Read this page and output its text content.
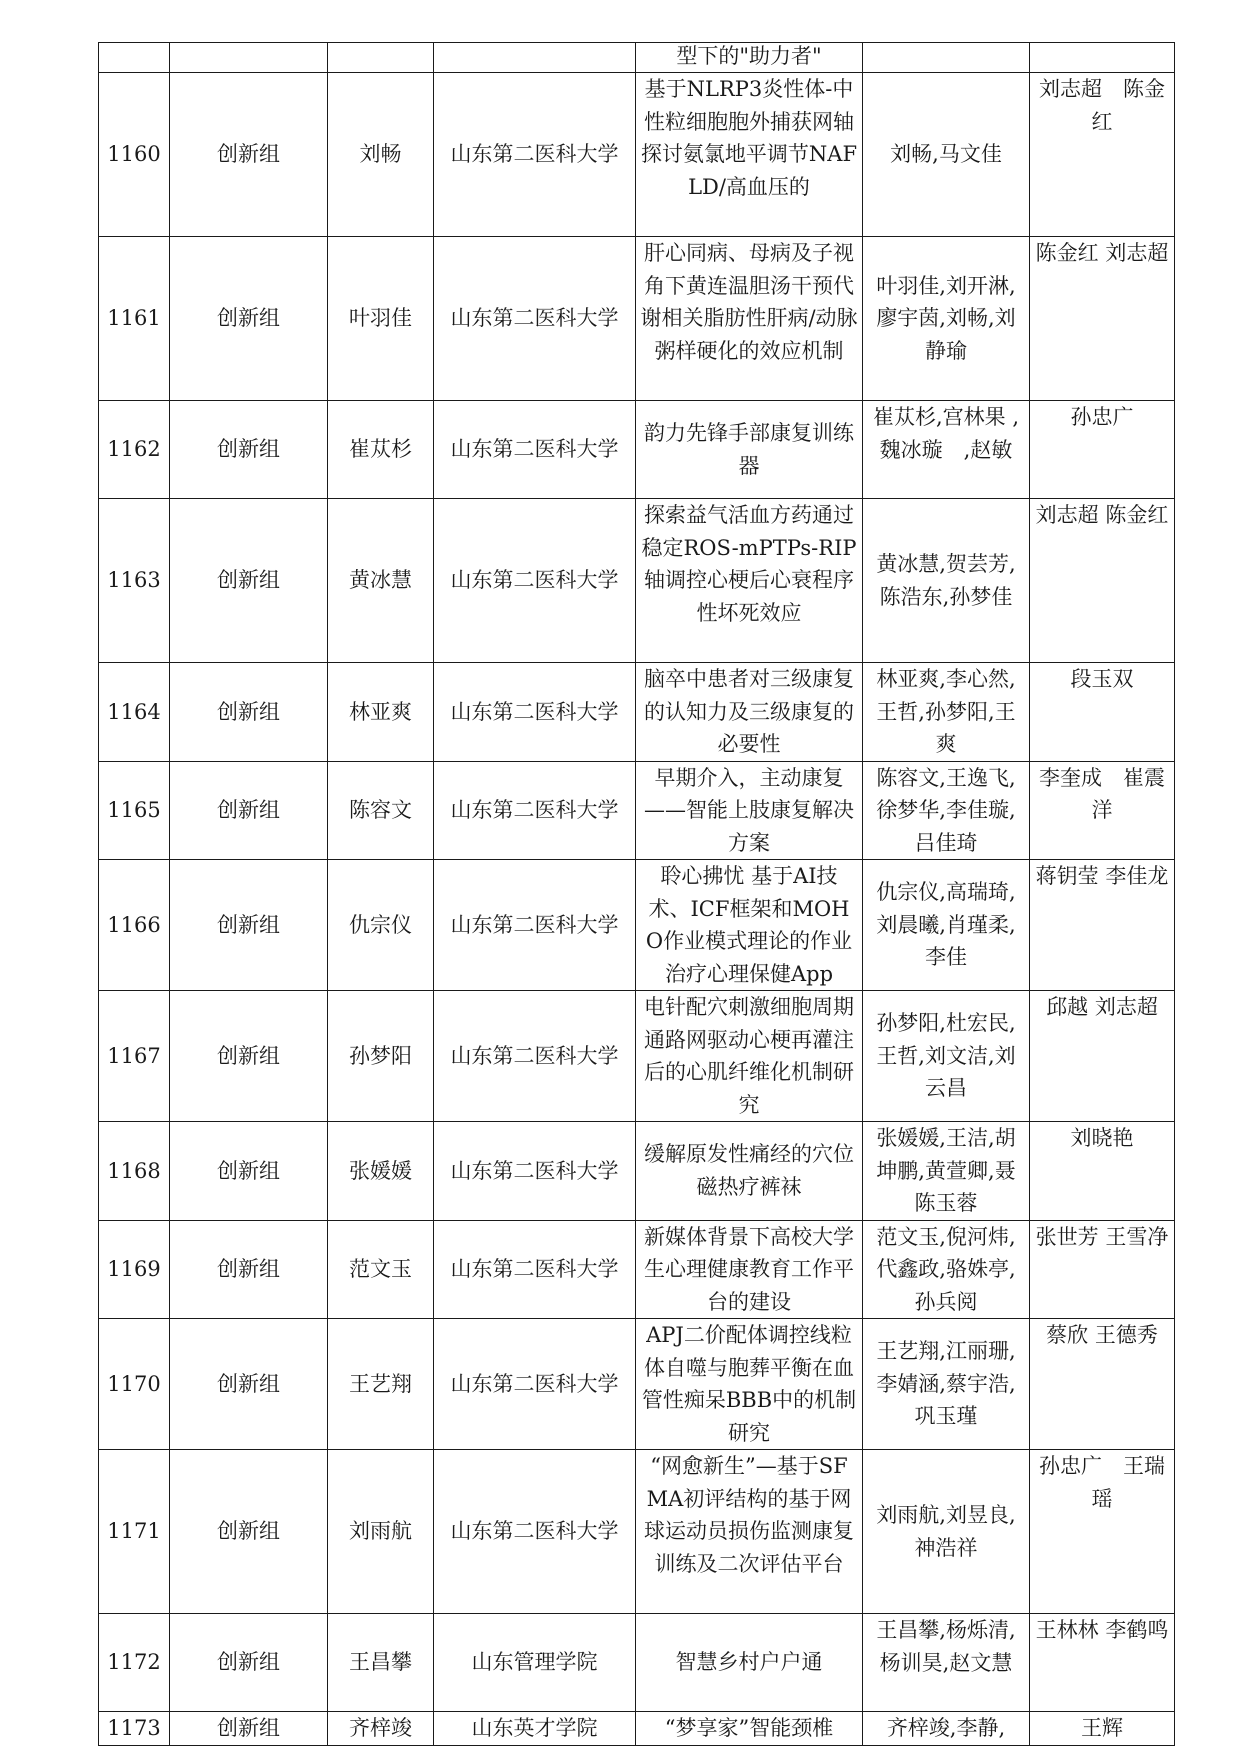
				型下的"助力者"		
1160	创新组	刘畅	山东第二医科大学	基于NLRP3炎性体-中性粒细胞胞外捕获网轴探讨氨氯地平调节NAFLD/高血压的	刘畅,马文佳	刘志超　陈金红
1161	创新组	叶羽佳	山东第二医科大学	肝心同病、母病及子视角下黄连温胆汤干预代谢相关脂肪性肝病/动脉粥样硬化的效应机制	叶羽佳,刘开淋,廖宇茵,刘畅,刘静瑜	陈金红 刘志超
1162	创新组	崔苁杉	山东第二医科大学	韵力先锋手部康复训练器	崔苁杉,宫林果 ,魏冰璇　,赵敏	孙忠广
1163	创新组	黄冰慧	山东第二医科大学	探索益气活血方药通过稳定ROS-mPTPs-RIP轴调控心梗后心衰程序性坏死效应	黄冰慧,贺芸芳,陈浩东,孙梦佳	刘志超 陈金红
1164	创新组	林亚爽	山东第二医科大学	脑卒中患者对三级康复的认知力及三级康复的必要性	林亚爽,李心然,王哲,孙梦阳,王爽	段玉双
1165	创新组	陈容文	山东第二医科大学	早期介入，主动康复——智能上肢康复解决方案	陈容文,王逸飞,徐梦华,李佳璇,吕佳琦	李奎成　崔震洋
1166	创新组	仇宗仪	山东第二医科大学	聆心拂忧 基于AI技术、ICF框架和MOHO作业模式理论的作业治疗心理保健App	仇宗仪,高瑞琦,刘晨曦,肖瑾柔,李佳	蒋钥莹 李佳龙
1167	创新组	孙梦阳	山东第二医科大学	电针配穴刺激细胞周期通路网驱动心梗再灌注后的心肌纤维化机制研究	孙梦阳,杜宏民,王哲,刘文洁,刘云昌	邱越 刘志超
1168	创新组	张媛媛	山东第二医科大学	缓解原发性痛经的穴位磁热疗裤袜	张媛媛,王洁,胡坤鹏,黄萱卿,聂陈玉蓉	刘晓艳
1169	创新组	范文玉	山东第二医科大学	新媒体背景下高校大学生心理健康教育工作平台的建设	范文玉,倪河炜,代鑫政,骆姝亭,孙兵阅	张世芳 王雪净
1170	创新组	王艺翔	山东第二医科大学	APJ二价配体调控线粒体自噬与胞葬平衡在血管性痴呆BBB中的机制研究	王艺翔,江丽珊,李婧涵,蔡宇浩,巩玉瑾	蔡欣 王德秀
1171	创新组	刘雨航	山东第二医科大学	“网愈新生”—基于SFMA初评结构的基于网球运动员损伤监测康复训练及二次评估平台	刘雨航,刘昱良,神浩祥	孙忠广　王瑞瑶
1172	创新组	王昌攀	山东管理学院	智慧乡村户户通	王昌攀,杨烁清,杨训昊,赵文慧	王林林 李鹤鸣
1173	创新组	齐梓竣	山东英才学院	“梦享家”智能颈椎	齐梓竣,李静,	王辉
